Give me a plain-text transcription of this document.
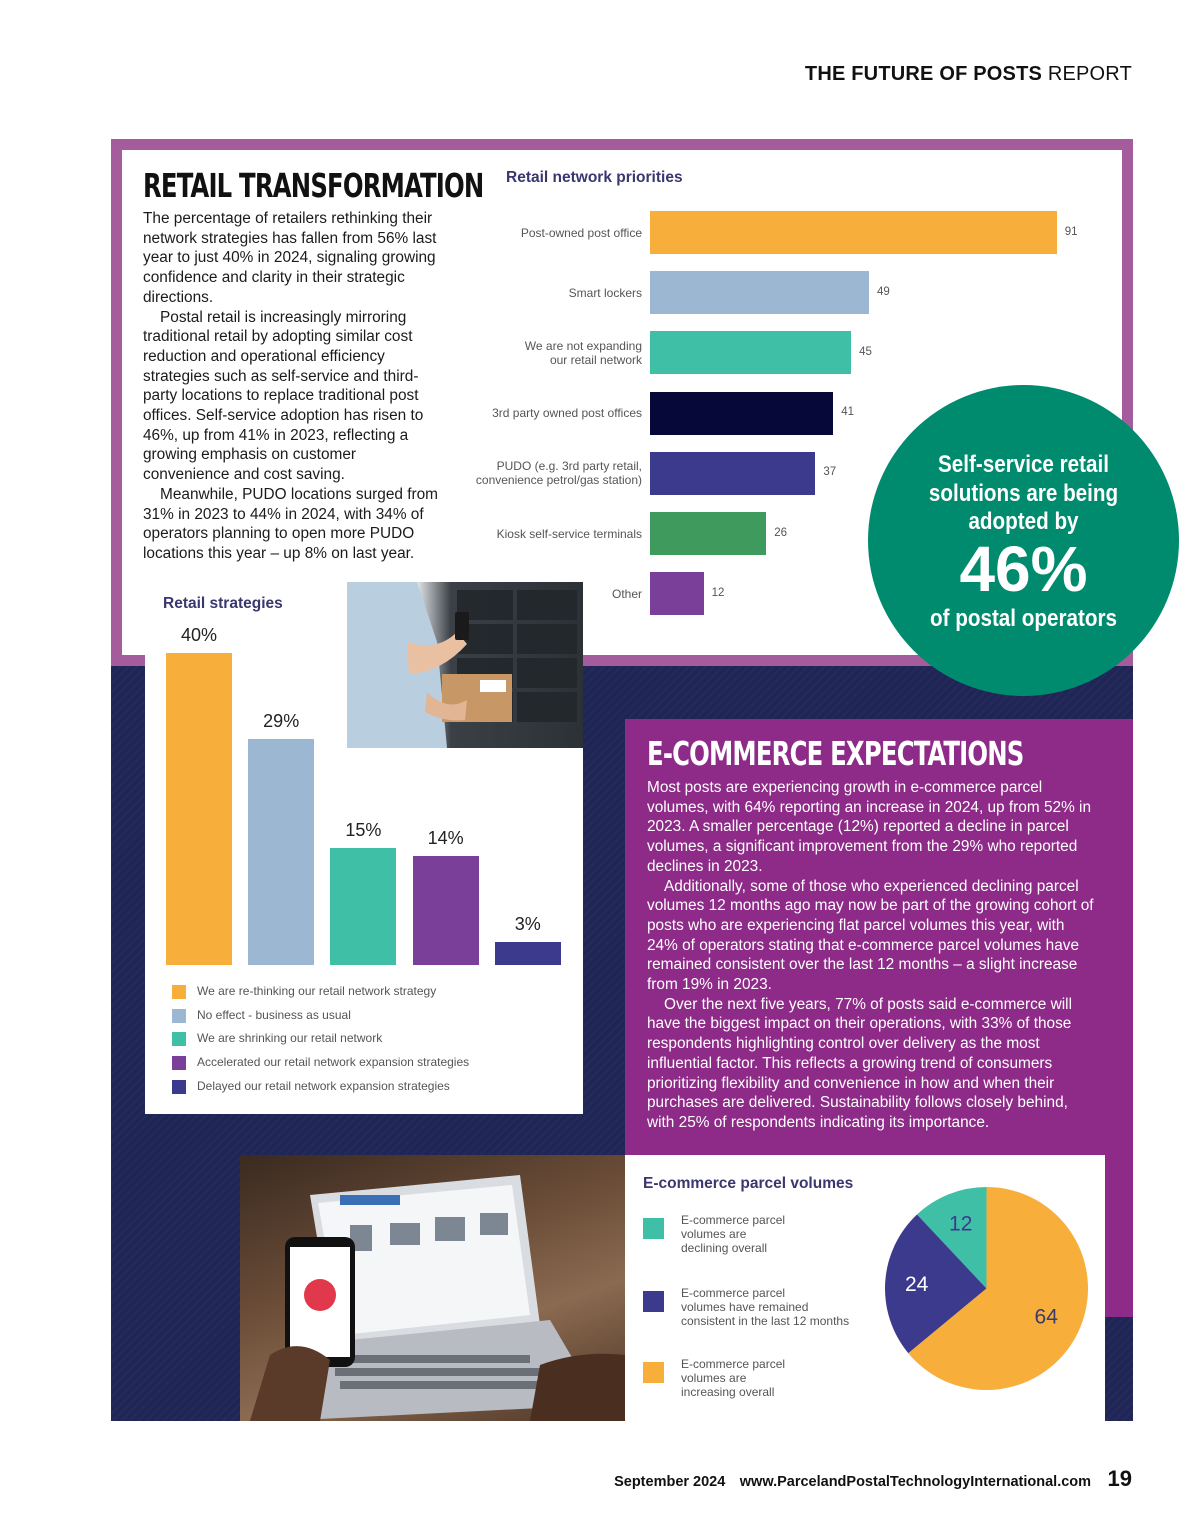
THE FUTURE OF POSTS REPORT
RETAIL TRANSFORMATION

The percentage of retailers rethinking their network strategies has fallen from 56% last year to just 40% in 2024, signaling growing confidence and clarity in their strategic directions.

Postal retail is increasingly mirroring traditional retail by adopting similar cost reduction and operational efficiency strategies such as self-service and third-party locations to replace traditional post offices. Self-service adoption has risen to 46%, up from 41% in 2023, reflecting a growing emphasis on customer convenience and cost saving.

Meanwhile, PUDO locations surged from 31% in 2023 to 44% in 2024, with 34% of operators planning to open more PUDO locations this year – up 8% on last year.

Retail network priorities
91
Post-owned post office
49
Smart lockers
45
We are not expanding
our retail network
41
3rd party owned post offices
37
PUDO (e.g. 3rd party retail,
convenience petrol/gas station)
26
Kiosk self-service terminals
12
Other
E-COMMERCE EXPECTATIONS

Most posts are experiencing growth in e-commerce parcel volumes, with 64% reporting an increase in 2024, up from 52% in 2023. A smaller percentage (12%) reported a decline in parcel volumes, a significant improvement from the 29% who reported declines in 2023.

Additionally, some of those who experienced declining parcel volumes 12 months ago may now be part of the growing cohort of posts who are experiencing flat parcel volumes this year, with 24% of operators stating that e-commerce parcel volumes have remained consistent over the last 12 months – a slight increase from 19% in 2023.

Over the next five years, 77% of posts said e-commerce will have the biggest impact on their operations, with 33% of those respondents highlighting control over delivery as the most influential factor. This reflects a growing trend of consumers prioritizing flexibility and convenience in how and when their purchases are delivered. Sustainability follows closely behind, with 25% of respondents indicating its importance.

Retail strategies
40%
29%
15%	14%
3%
We are re-thinking our retail network strategy
No effect - business as usual
We are shrinking our retail network
Accelerated our retail network expansion strategies
Delayed our retail network expansion strategies
Self-service retail solutions are being adopted by
46%
of postal operators
E-commerce parcel volumes
E-commerce parcel
volumes are
declining overall
E-commerce parcel
volumes have remained
consistent in the last 12 months
E-commerce parcel
volumes are
increasing overall
12
24
64
September 2024 www.ParcelandPostalTechnologyInternational.com 19
